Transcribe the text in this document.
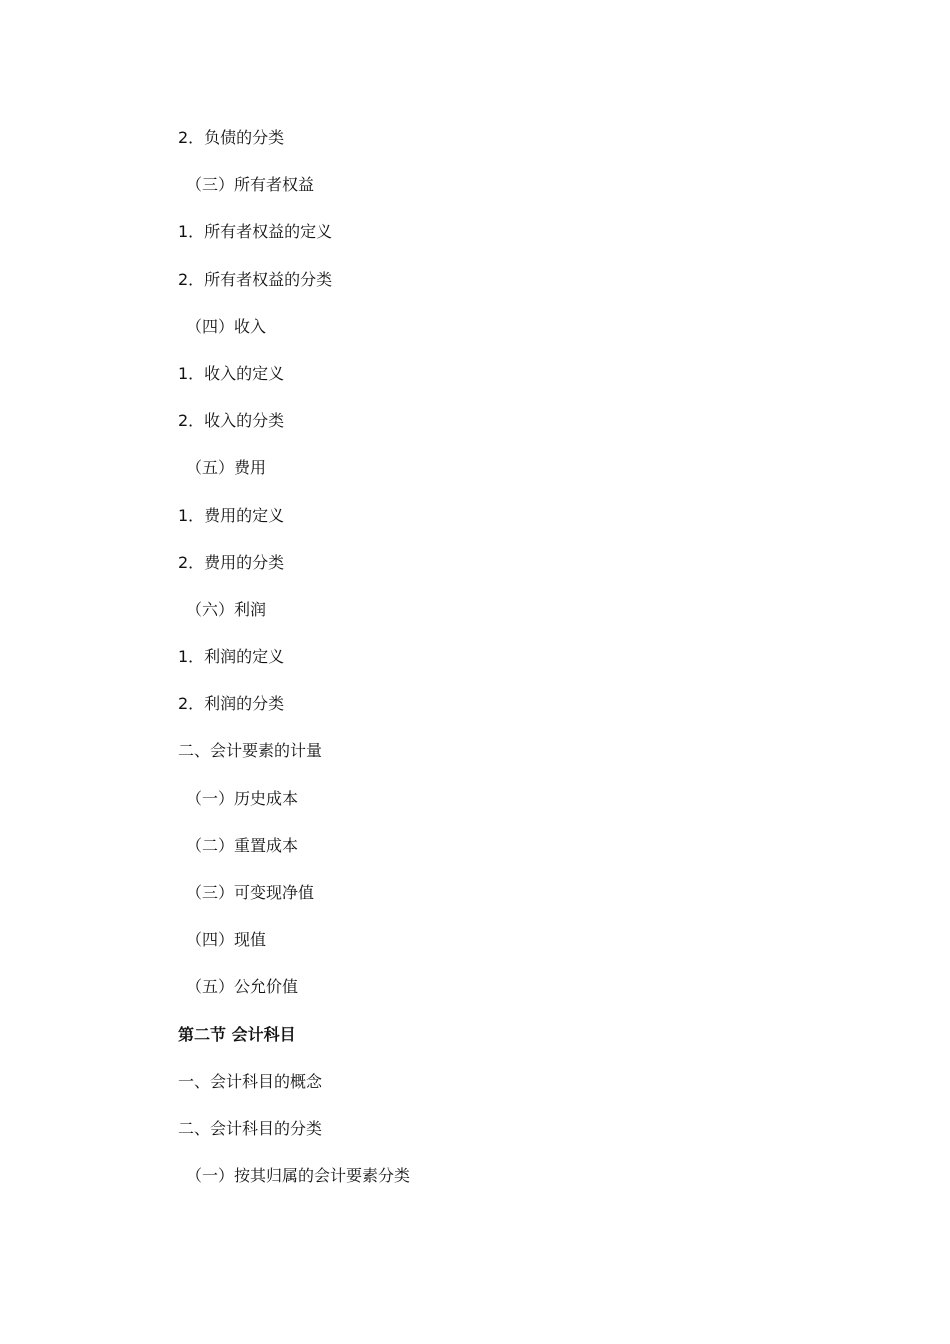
2．负债的分类
（三）所有者权益
1．所有者权益的定义
2．所有者权益的分类
（四）收入
1．收入的定义
2．收入的分类
（五）费用
1．费用的定义
2．费用的分类
（六）利润
1．利润的定义
2．利润的分类
二、会计要素的计量
（一）历史成本
（二）重置成本
（三）可变现净值
（四）现值
（五）公允价值
第二节 会计科目
一、会计科目的概念
二、会计科目的分类
（一）按其归属的会计要素分类
